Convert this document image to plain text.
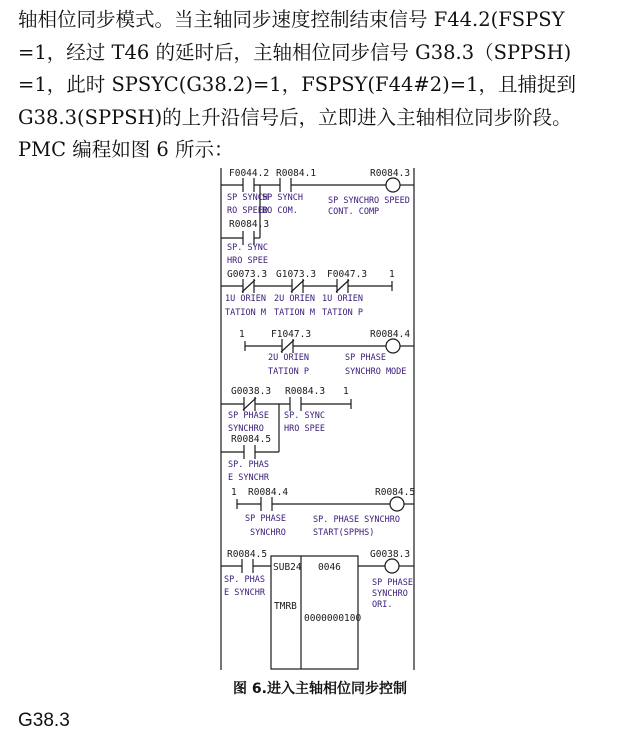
轴相位同步模式。当主轴同步速度控制结束信号 F44.2(FSPSY
=1，经过 T46 的延时后，主轴相位同步信号 G38.3（SPPSH)
=1，此时 SPSYC(G38.2)=1，FSPSY(F44#2)=1，且捕捉到
G38.3(SPPSH)的上升沿信号后，立即进入主轴相位同步阶段。
PMC 编程如图 6 所示：
F0044.2
SP SYNCH
RO SPEED
R0084.1
SP SYNCH
RO COM.
R0084.3
SP SYNCHRO SPEED
CONT. COMP
R0084.3
SP. SYNC
HRO SPEE
G0073.3
1U ORIEN
TATION M
G1073.3
2U ORIEN
TATION M
F0047.3
1U ORIEN
TATION P
1
1	F1047.3
2U ORIEN
TATION P
R0084.4
SP PHASE
SYNCHRO MODE
G0038.3
SP PHASE
SYNCHRO
R0084.3
SP. SYNC
HRO SPEE
R0084.5
SP. PHAS
E SYNCHR
1
1 R0084.4
SP PHASE
SYNCHRO
R0084.5
SP. PHASE SYNCHRO
START(SPPHS)
R0084.5
SP. PHAS
E SYNCHR
SUB24 0046
TMRB
0000000100
G0038.3
SP PHASE
SYNCHRO
ORI.
图 6.进入主轴相位同步控制
G38.3
